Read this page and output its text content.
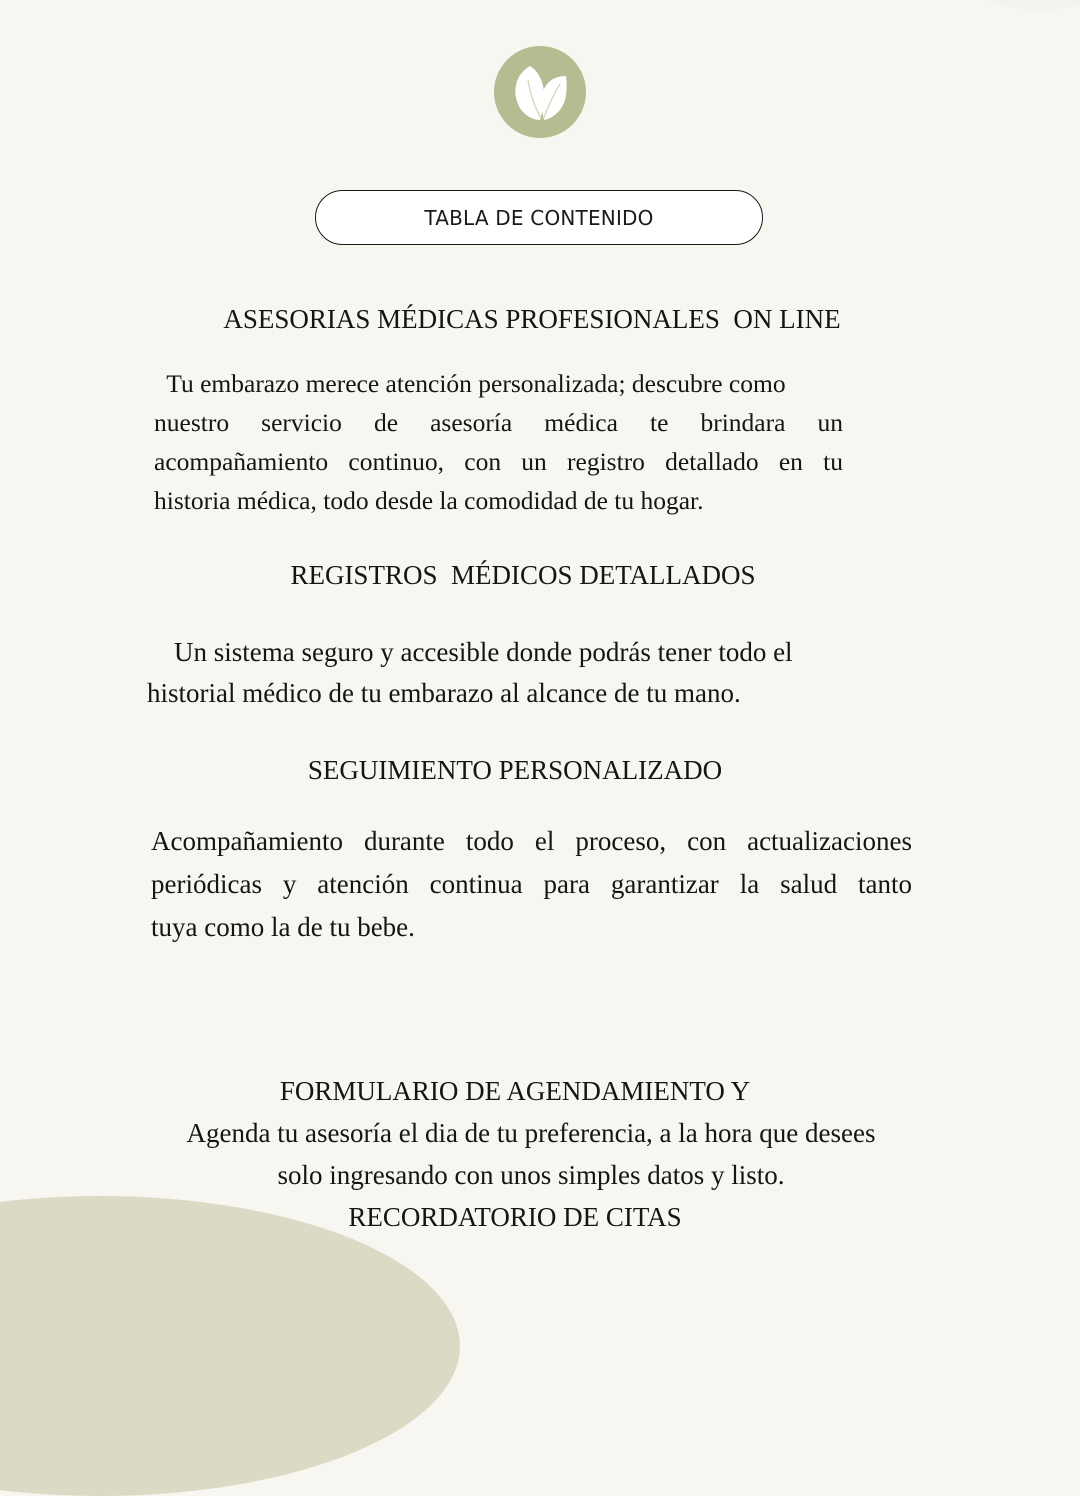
TABLA DE CONTENIDO
ASESORIAS MÉDICAS PROFESIONALES  ON LINE
Tu embarazo merece atención personalizada; descubre como
nuestro servicio de asesoría médica te brindara un
acompañamiento continuo, con un registro detallado en tu
historia médica, todo desde la comodidad de tu hogar.
REGISTROS  MÉDICOS DETALLADOS
Un sistema seguro y accesible donde podrás tener todo el
historial médico de tu embarazo al alcance de tu mano.
SEGUIMIENTO PERSONALIZADO
Acompañamiento durante todo el proceso, con actualizaciones
periódicas y atención continua para garantizar la salud tanto
tuya como la de tu bebe.

FORMULARIO DE AGENDAMIENTO Y

RECORDATORIO DE CITAS

Agenda tu asesoría el dia de tu preferencia, a la hora que desees
solo ingresando con unos simples datos y listo.
